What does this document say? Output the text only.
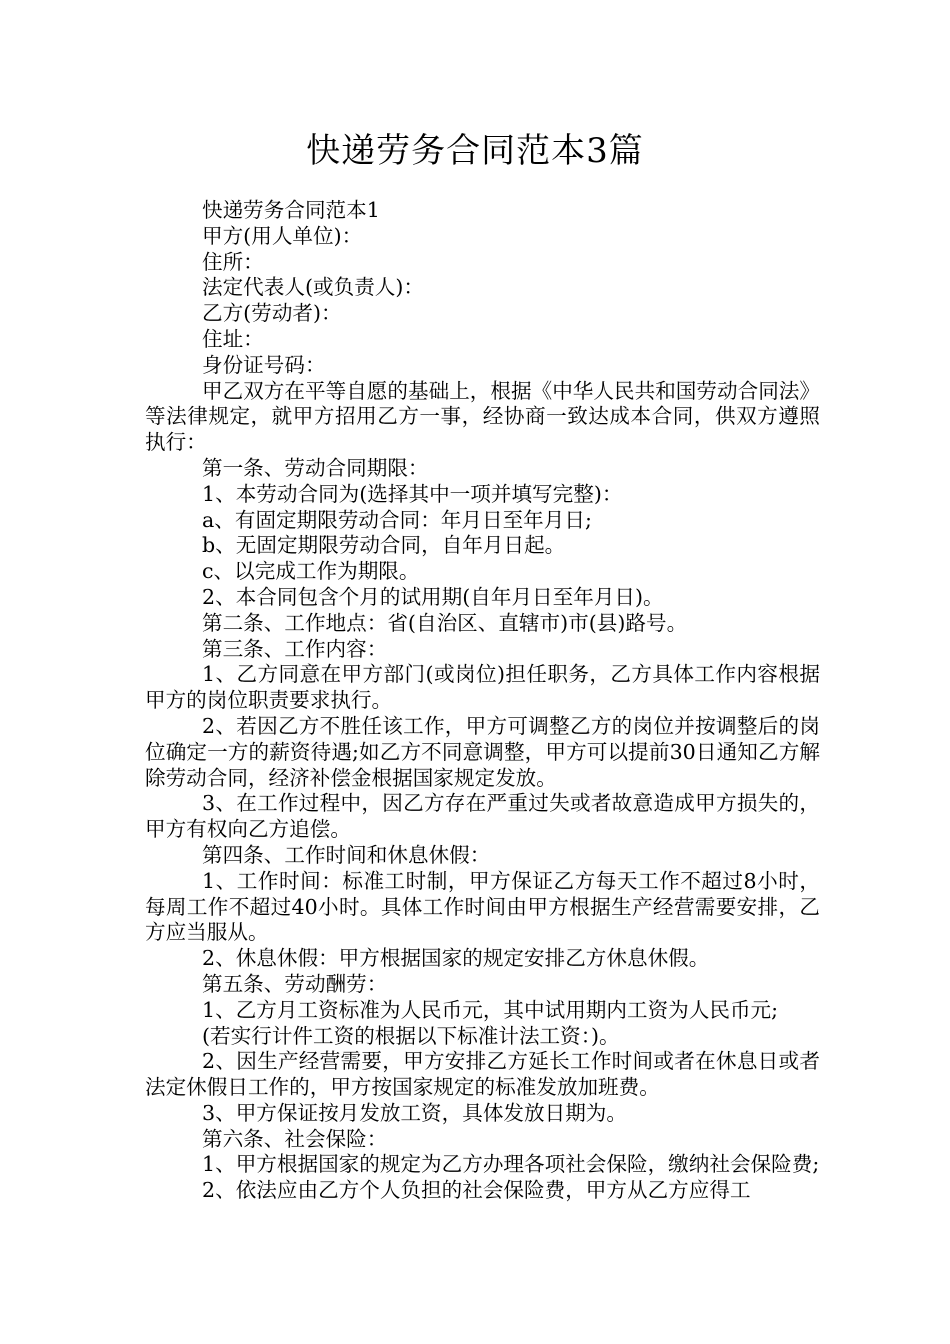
快递劳务合同范本3篇

快递劳务合同范本1

甲方(用人单位)：

住所：

法定代表人(或负责人)：

乙方(劳动者)：

住址：

身份证号码：

甲乙双方在平等自愿的基础上，根据《中华人民共和国劳动合同法》等法律规定，就甲方招用乙方一事，经协商一致达成本合同，供双方遵照执行：

第一条、劳动合同期限：

1、本劳动合同为(选择其中一项并填写完整)：

a、有固定期限劳动合同：年月日至年月日;

b、无固定期限劳动合同，自年月日起。

c、以完成工作为期限。

2、本合同包含个月的试用期(自年月日至年月日)。

第二条、工作地点：省(自治区、直辖市)市(县)路号。

第三条、工作内容：

1、乙方同意在甲方部门(或岗位)担任职务，乙方具体工作内容根据甲方的岗位职责要求执行。

2、若因乙方不胜任该工作，甲方可调整乙方的岗位并按调整后的岗位确定一方的薪资待遇;如乙方不同意调整，甲方可以提前30日通知乙方解除劳动合同，经济补偿金根据国家规定发放。

3、在工作过程中，因乙方存在严重过失或者故意造成甲方损失的，甲方有权向乙方追偿。

第四条、工作时间和休息休假：

1、工作时间：标准工时制，甲方保证乙方每天工作不超过8小时，每周工作不超过40小时。具体工作时间由甲方根据生产经营需要安排，乙方应当服从。

2、休息休假：甲方根据国家的规定安排乙方休息休假。

第五条、劳动酬劳：

1、乙方月工资标准为人民币元，其中试用期内工资为人民币元;

(若实行计件工资的根据以下标准计法工资：)。

2、因生产经营需要，甲方安排乙方延长工作时间或者在休息日或者法定休假日工作的，甲方按国家规定的标准发放加班费。

3、甲方保证按月发放工资，具体发放日期为。

第六条、社会保险：

1、甲方根据国家的规定为乙方办理各项社会保险，缴纳社会保险费;

2、依法应由乙方个人负担的社会保险费，甲方从乙方应得工
